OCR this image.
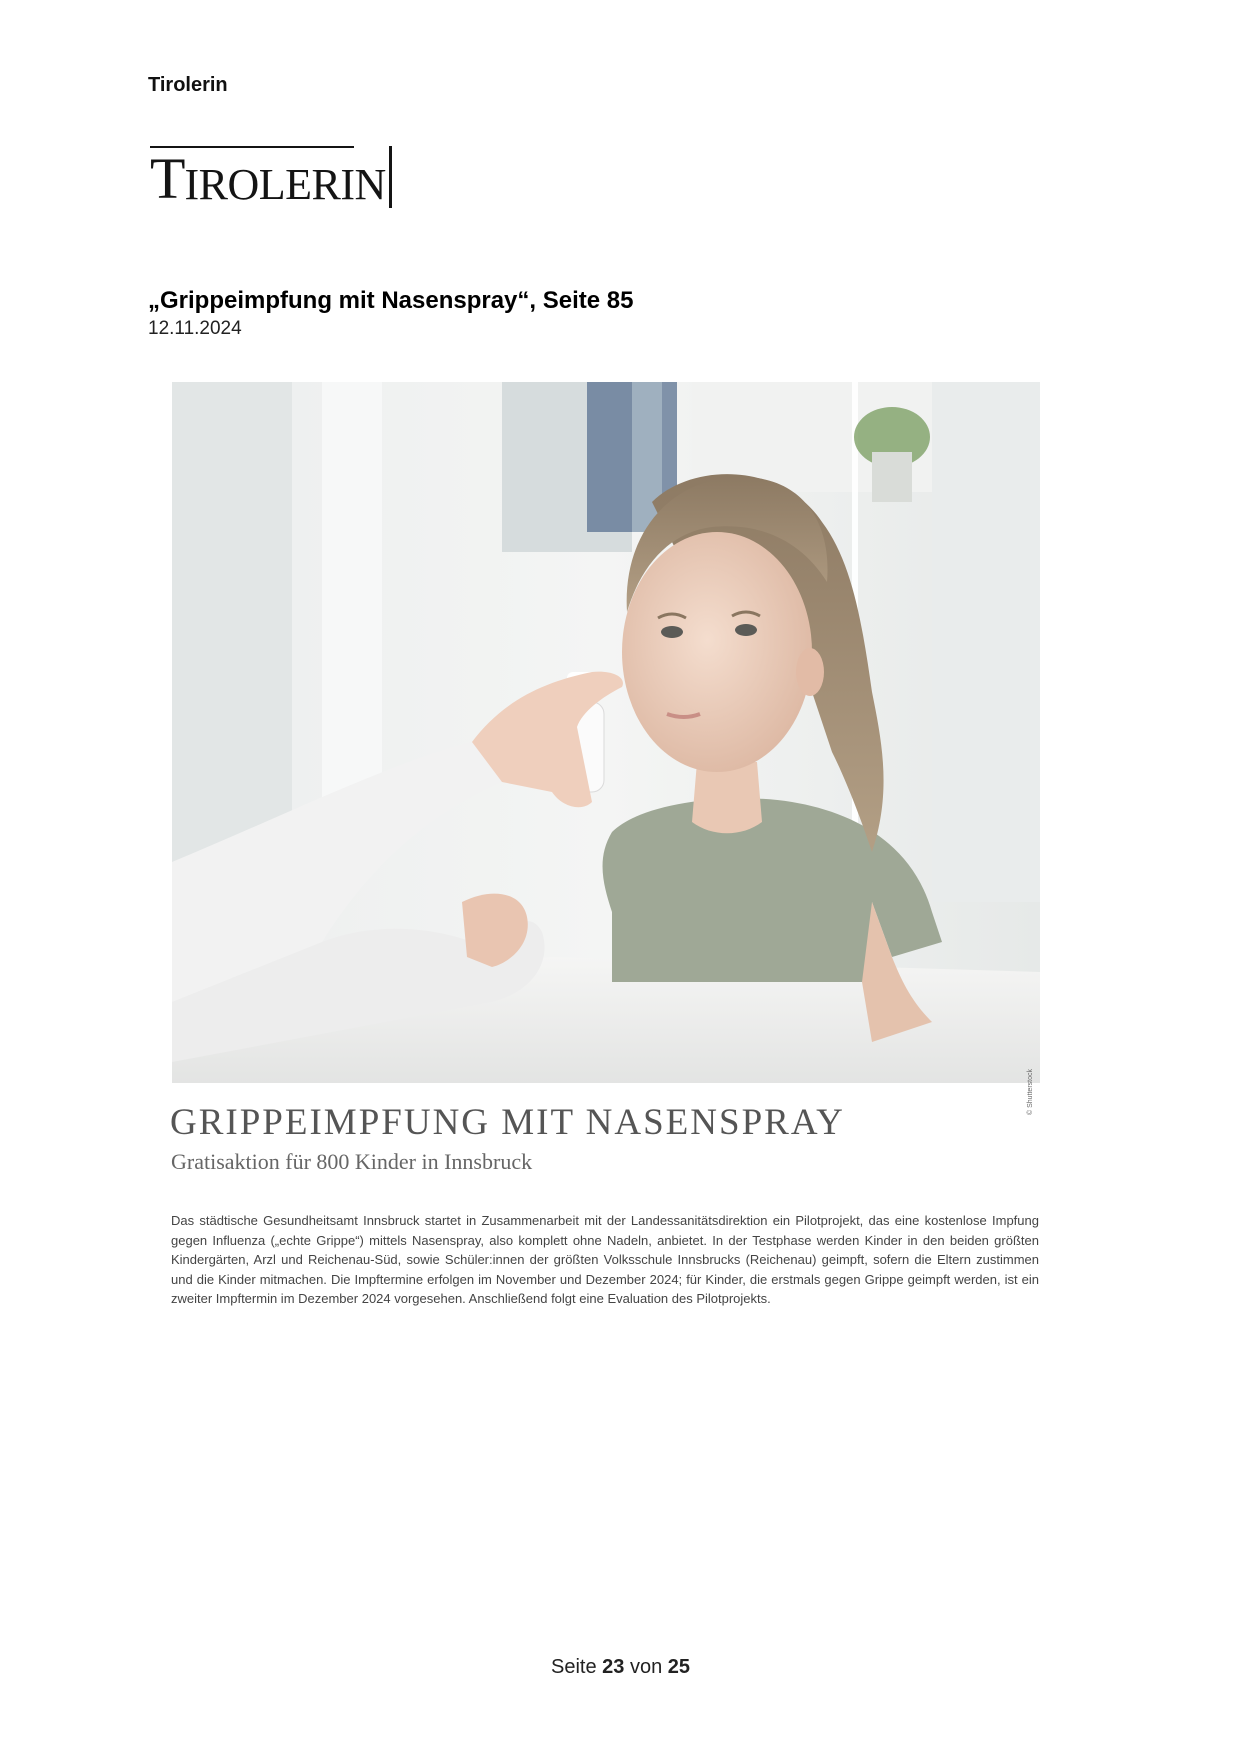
Tirolerin
T IROLERIN
„Grippeimpfung mit Nasenspray“, Seite 85
12.11.2024
© Shutterstock
GRIPPEIMPFUNG MIT NASENSPRAY
Gratisaktion für 800 Kinder in Innsbruck
Das städtische Gesundheitsamt Innsbruck startet in Zusammenarbeit mit der Landessanitätsdirektion ein Pilotprojekt, das eine kostenlose Impfung gegen Influenza („echte Grippe“) mittels Nasenspray, also komplett ohne Nadeln, anbietet. In der Testphase werden Kinder in den beiden größten Kindergärten, Arzl und Reichenau-Süd, sowie Schüler:innen der größten Volksschule Innsbrucks (Reichenau) geimpft, sofern die Eltern zustimmen und die Kinder mitmachen. Die Impftermine erfolgen im November und Dezember 2024; für Kinder, die erstmals gegen Grippe geimpft werden, ist ein zweiter Impftermin im Dezember 2024 vorgesehen. Anschließend folgt eine Evaluation des Pilotprojekts.
Seite 23 von 25
